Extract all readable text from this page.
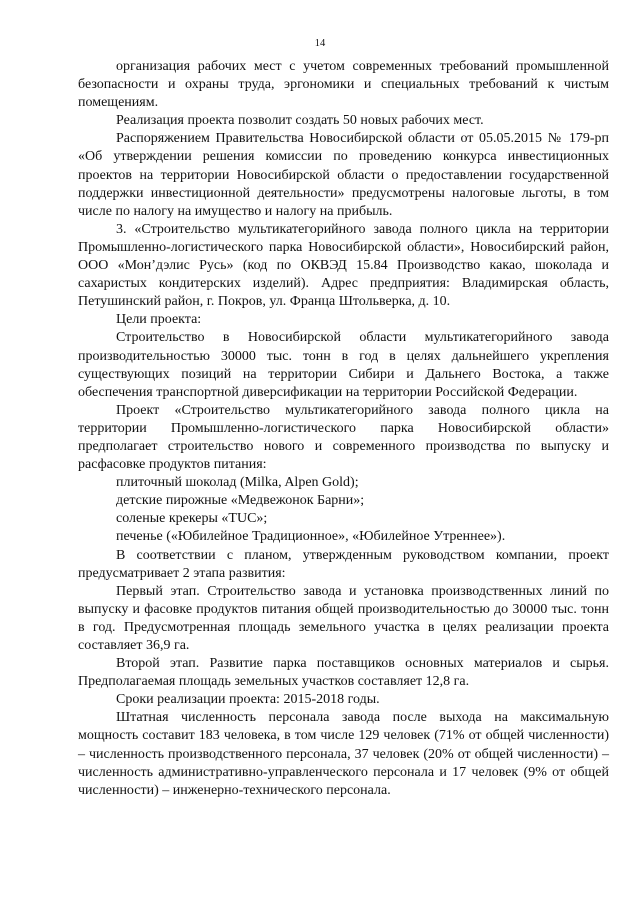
14

организация рабочих мест с учетом современных требований промышленной безопасности и охраны труда, эргономики и специальных требований к чистым помещениям.

Реализация проекта позволит создать 50 новых рабочих мест.

Распоряжением Правительства Новосибирской области от 05.05.2015 № 179-рп «Об утверждении решения комиссии по проведению конкурса инвестиционных проектов на территории Новосибирской области о предоставлении государственной поддержки инвестиционной деятельности» предусмотрены налоговые льготы, в том числе по налогу на имущество и налогу на прибыль.

3. «Строительство мультикатегорийного завода полного цикла на территории Промышленно-логистического парка Новосибирской области», Новосибирский район, ООО «Мон’дэлис Русь» (код по ОКВЭД 15.84 Производство какао, шоколада и сахаристых кондитерских изделий). Адрес предприятия: Владимирская область, Петушинский район, г. Покров, ул. Франца Штольверка, д. 10.

Цели проекта:

Строительство в Новосибирской области мультикатегорийного завода производительностью 30000 тыс. тонн в год в целях дальнейшего укрепления существующих позиций на территории Сибири и Дальнего Востока, а также обеспечения транспортной диверсификации на территории Российской Федерации.

Проект «Строительство мультикатегорийного завода полного цикла на территории Промышленно-логистического парка Новосибирской области» предполагает строительство нового и современного производства по выпуску и расфасовке продуктов питания:

плиточный шоколад (Milka, Alpen Gold);

детские пирожные «Медвежонок Барни»;

соленые крекеры «TUC»;

печенье («Юбилейное Традиционное», «Юбилейное Утреннее»).

В соответствии с планом, утвержденным руководством компании, проект предусматривает 2 этапа развития:

Первый этап. Строительство завода и установка производственных линий по выпуску и фасовке продуктов питания общей производительностью до 30000 тыс. тонн в год. Предусмотренная площадь земельного участка в целях реализации проекта составляет 36,9 га.

Второй этап. Развитие парка поставщиков основных материалов и сырья. Предполагаемая площадь земельных участков составляет 12,8 га.

Сроки реализации проекта: 2015-2018 годы.

Штатная численность персонала завода после выхода на максимальную мощность составит 183 человека, в том числе 129 человек (71% от общей численности) – численность производственного персонала, 37 человек (20% от общей численности) – численность административно-управленческого персонала и 17 человек (9% от общей численности) – инженерно-технического персонала.
